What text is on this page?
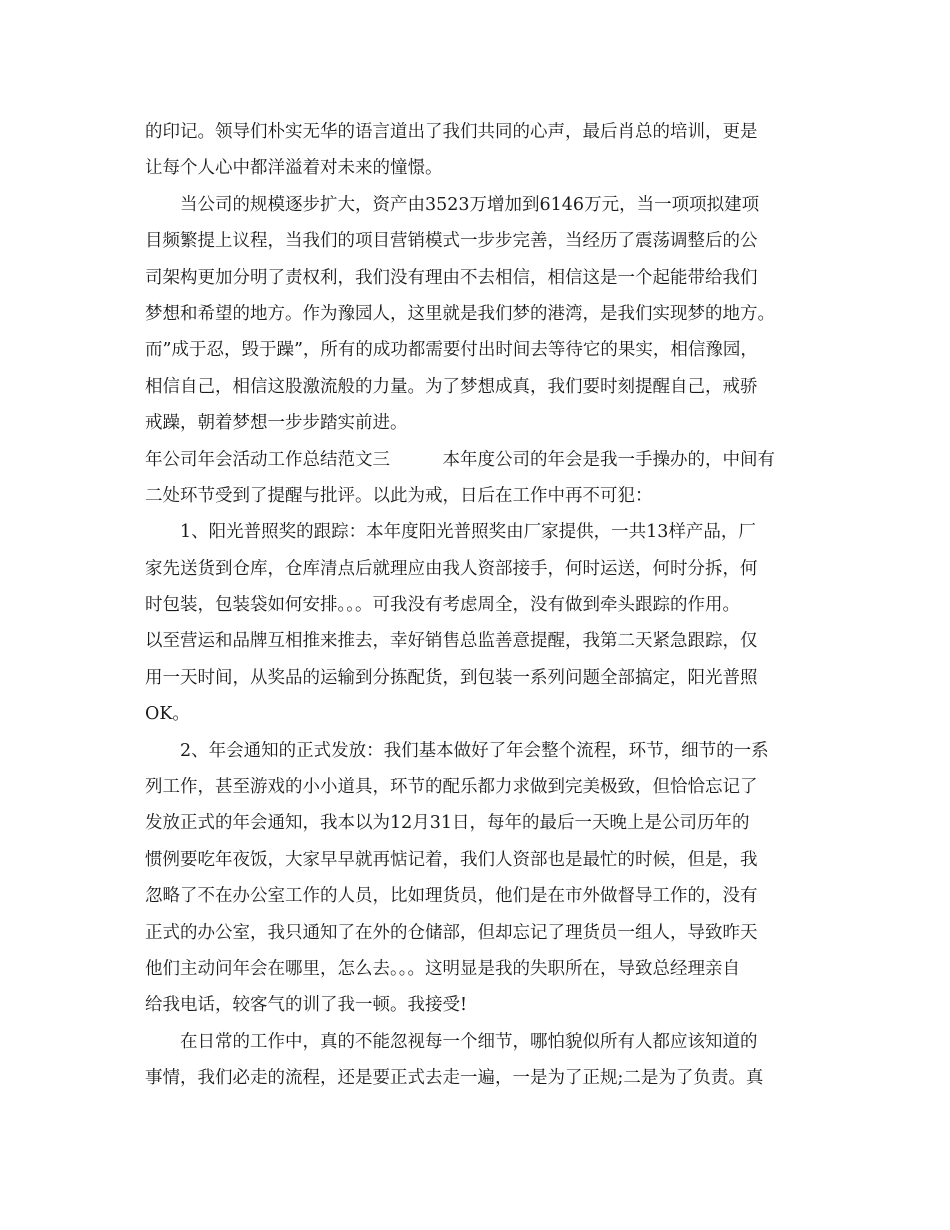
的印记。领导们朴实无华的语言道出了我们共同的心声，最后肖总的培训，更是
让每个人心中都洋溢着对未来的憧憬。
　　当公司的规模逐步扩大，资产由3523万增加到6146万元，当一项项拟建项
目频繁提上议程，当我们的项目营销模式一步步完善，当经历了震荡调整后的公
司架构更加分明了责权利，我们没有理由不去相信，相信这是一个起能带给我们
梦想和希望的地方。作为豫园人，这里就是我们梦的港湾，是我们实现梦的地方。
而”成于忍，毁于躁”，所有的成功都需要付出时间去等待它的果实，相信豫园，
相信自己，相信这股激流般的力量。为了梦想成真，我们要时刻提醒自己，戒骄
戒躁，朝着梦想一步步踏实前进。
年公司年会活动工作总结范文三　　　本年度公司的年会是我一手操办的，中间有
二处环节受到了提醒与批评。以此为戒，日后在工作中再不可犯：
　　1、阳光普照奖的跟踪：本年度阳光普照奖由厂家提供，一共13样产品，厂
家先送货到仓库，仓库清点后就理应由我人资部接手，何时运送，何时分拆，何
时包装，包装袋如何安排。。。可我没有考虑周全，没有做到牵头跟踪的作用。
以至营运和品牌互相推来推去，幸好销售总监善意提醒，我第二天紧急跟踪，仅
用一天时间，从奖品的运输到分拣配货，到包装一系列问题全部搞定，阳光普照
OK。
　　2、年会通知的正式发放：我们基本做好了年会整个流程，环节，细节的一系
列工作，甚至游戏的小小道具，环节的配乐都力求做到完美极致，但恰恰忘记了
发放正式的年会通知，我本以为12月31日，每年的最后一天晚上是公司历年的
惯例要吃年夜饭，大家早早就再惦记着，我们人资部也是最忙的时候，但是，我
忽略了不在办公室工作的人员，比如理货员，他们是在市外做督导工作的，没有
正式的办公室，我只通知了在外的仓储部，但却忘记了理货员一组人，导致昨天
他们主动问年会在哪里，怎么去。。。这明显是我的失职所在，导致总经理亲自
给我电话，较客气的训了我一顿。我接受!
　　在日常的工作中，真的不能忽视每一个细节，哪怕貌似所有人都应该知道的
事情，我们必走的流程，还是要正式去走一遍，一是为了正规;二是为了负责。真
